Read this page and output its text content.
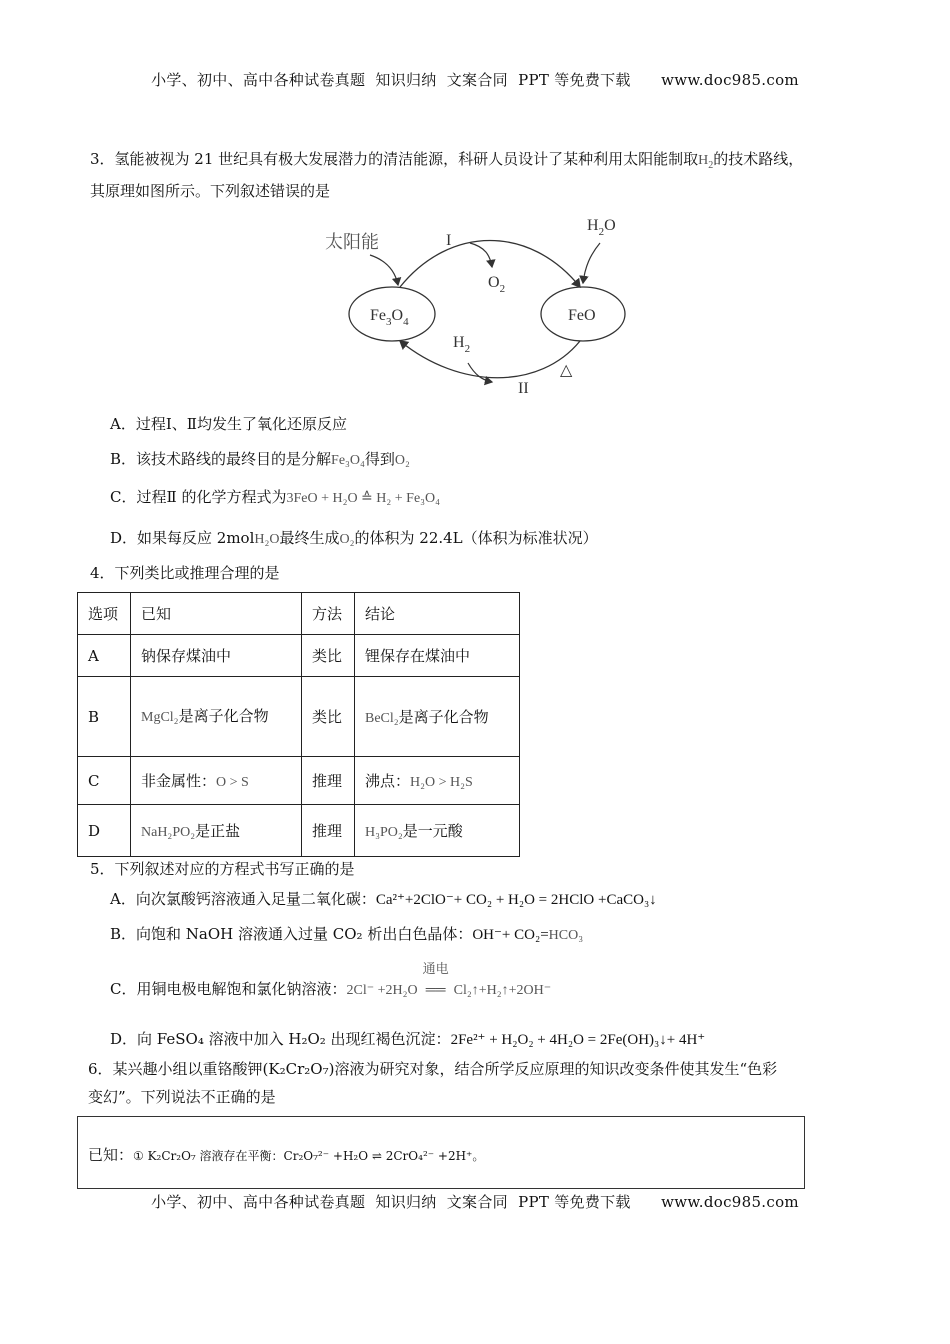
小学、初中、高中各种试卷真题  知识归纳  文案合同  PPT 等免费下载      www.doc985.com
3．氢能被视为 21 世纪具有极大发展潜力的清洁能源，科研人员设计了某种利用太阳能制取$H_2$的技术路线，
其原理如图所示。下列叙述错误的是
太阳能	I
II
$O_2$
$H_2O$
$H_2$
$Fe_3O_4$	FeO
△
A．过程Ⅰ、Ⅱ均发生了氧化还原反应
B．该技术路线的最终目的是分解Fe₃O₄得到O₂
C．过程Ⅱ 的化学方程式为3FeO + H₂O ≙ H₂ + Fe₃O₄
D．如果每反应 2molH₂O最终生成O₂的体积为 22.4L（体积为标准状况）
4．下列类比或推理合理的是
选项	已知	方法	结论
A	钠保存煤油中	类比	锂保存在煤油中
B	MgCl₂是离子化合物	类比	BeCl₂是离子化合物
C	非金属性：O > S	推理	沸点：H₂O > H₂S
D	NaH₂PO₂是正盐	推理	H₃PO₂是一元酸
5．下列叙述对应的方程式书写正确的是
A．向次氯酸钙溶液通入足量二氧化碳：Ca²⁺+2ClO⁻+ CO₂ + H₂O = 2HClO +CaCO₃↓
B．向饱和 NaOH 溶液通入过量 CO₂ 析出白色晶体：OH⁻+ CO₂=HCO₃
C．用铜电极电解饱和氯化钠溶液：2Cl⁻ +2H₂O
通电
══ Cl₂↑+H₂↑+2OH⁻
D．向 FeSO₄ 溶液中加入 H₂O₂ 出现红褐色沉淀：2Fe²⁺ + H₂O₂ + 4H₂O = 2Fe(OH)₃↓+ 4H⁺
6．某兴趣小组以重铬酸钾(K₂Cr₂O₇)溶液为研究对象，结合所学反应原理的知识改变条件使其发生“色彩
变幻”。下列说法不正确的是
已知：① K₂Cr₂O₇ 溶液存在平衡：Cr₂O₇²⁻ +H₂O ⇌ 2CrO₄²⁻ +2H⁺。
小学、初中、高中各种试卷真题  知识归纳  文案合同  PPT 等免费下载      www.doc985.com
